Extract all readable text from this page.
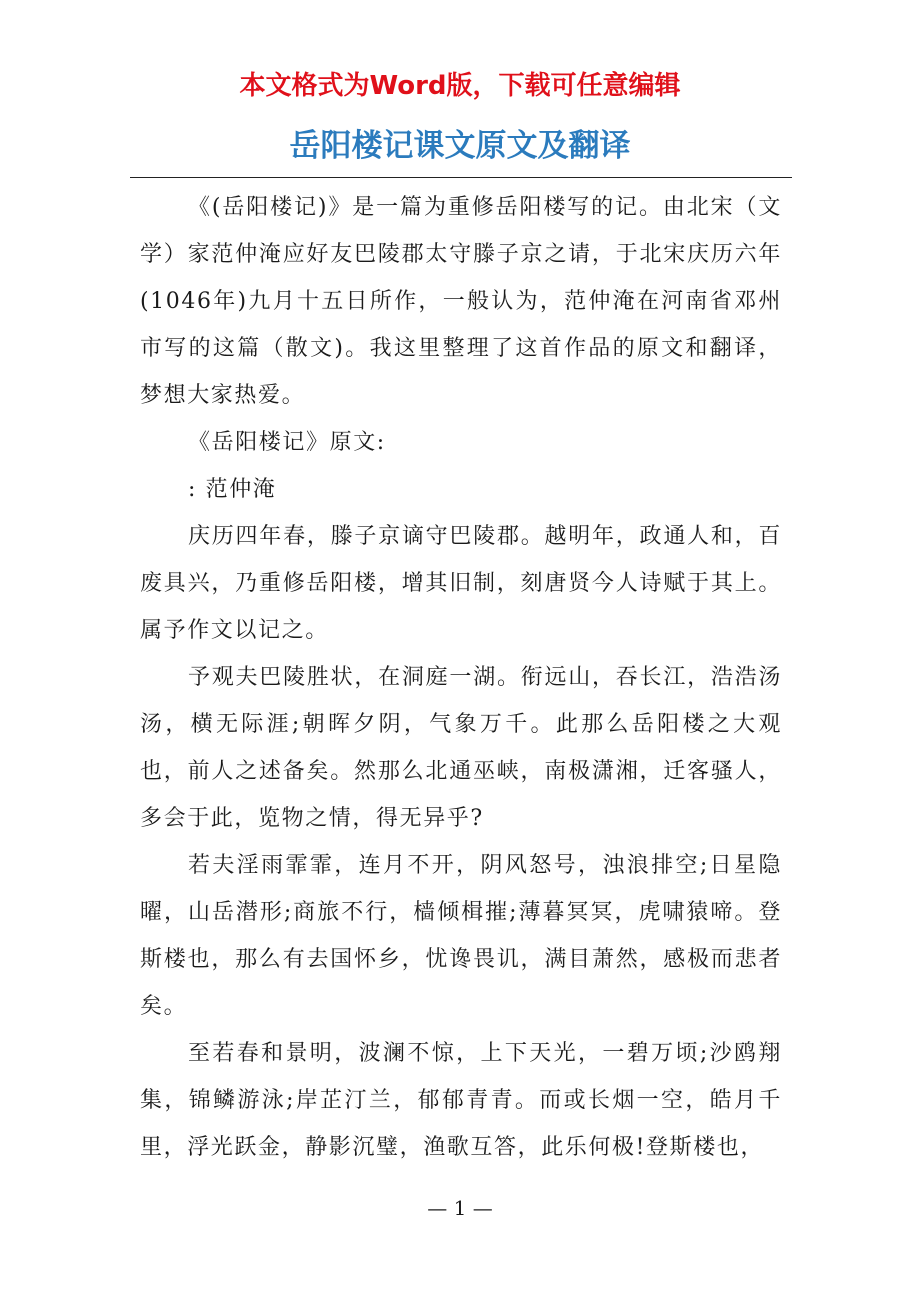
本文格式为Word版，下载可任意编辑
岳阳楼记课文原文及翻译

《(岳阳楼记)》是一篇为重修岳阳楼写的记。由北宋（文学）家范仲淹应好友巴陵郡太守滕子京之请，于北宋庆历六年(1046年)九月十五日所作，一般认为，范仲淹在河南省邓州市写的这篇（散文)。我这里整理了这首作品的原文和翻译，梦想大家热爱。

《岳阳楼记》原文:

: 范仲淹

庆历四年春，滕子京谪守巴陵郡。越明年，政通人和，百废具兴，乃重修岳阳楼，增其旧制，刻唐贤今人诗赋于其上。属予作文以记之。

予观夫巴陵胜状，在洞庭一湖。衔远山，吞长江，浩浩汤汤，横无际涯;朝晖夕阴，气象万千。此那么岳阳楼之大观也，前人之述备矣。然那么北通巫峡，南极潇湘，迁客骚人，多会于此，览物之情，得无异乎?

若夫淫雨霏霏，连月不开，阴风怒号，浊浪排空;日星隐曜，山岳潜形;商旅不行，樯倾楫摧;薄暮冥冥，虎啸猿啼。登斯楼也，那么有去国怀乡，忧谗畏讥，满目萧然，感极而悲者矣。

至若春和景明，波澜不惊，上下天光，一碧万顷;沙鸥翔集，锦鳞游泳;岸芷汀兰，郁郁青青。而或长烟一空，皓月千里，浮光跃金，静影沉璧，渔歌互答，此乐何极!登斯楼也，

— 1 —
